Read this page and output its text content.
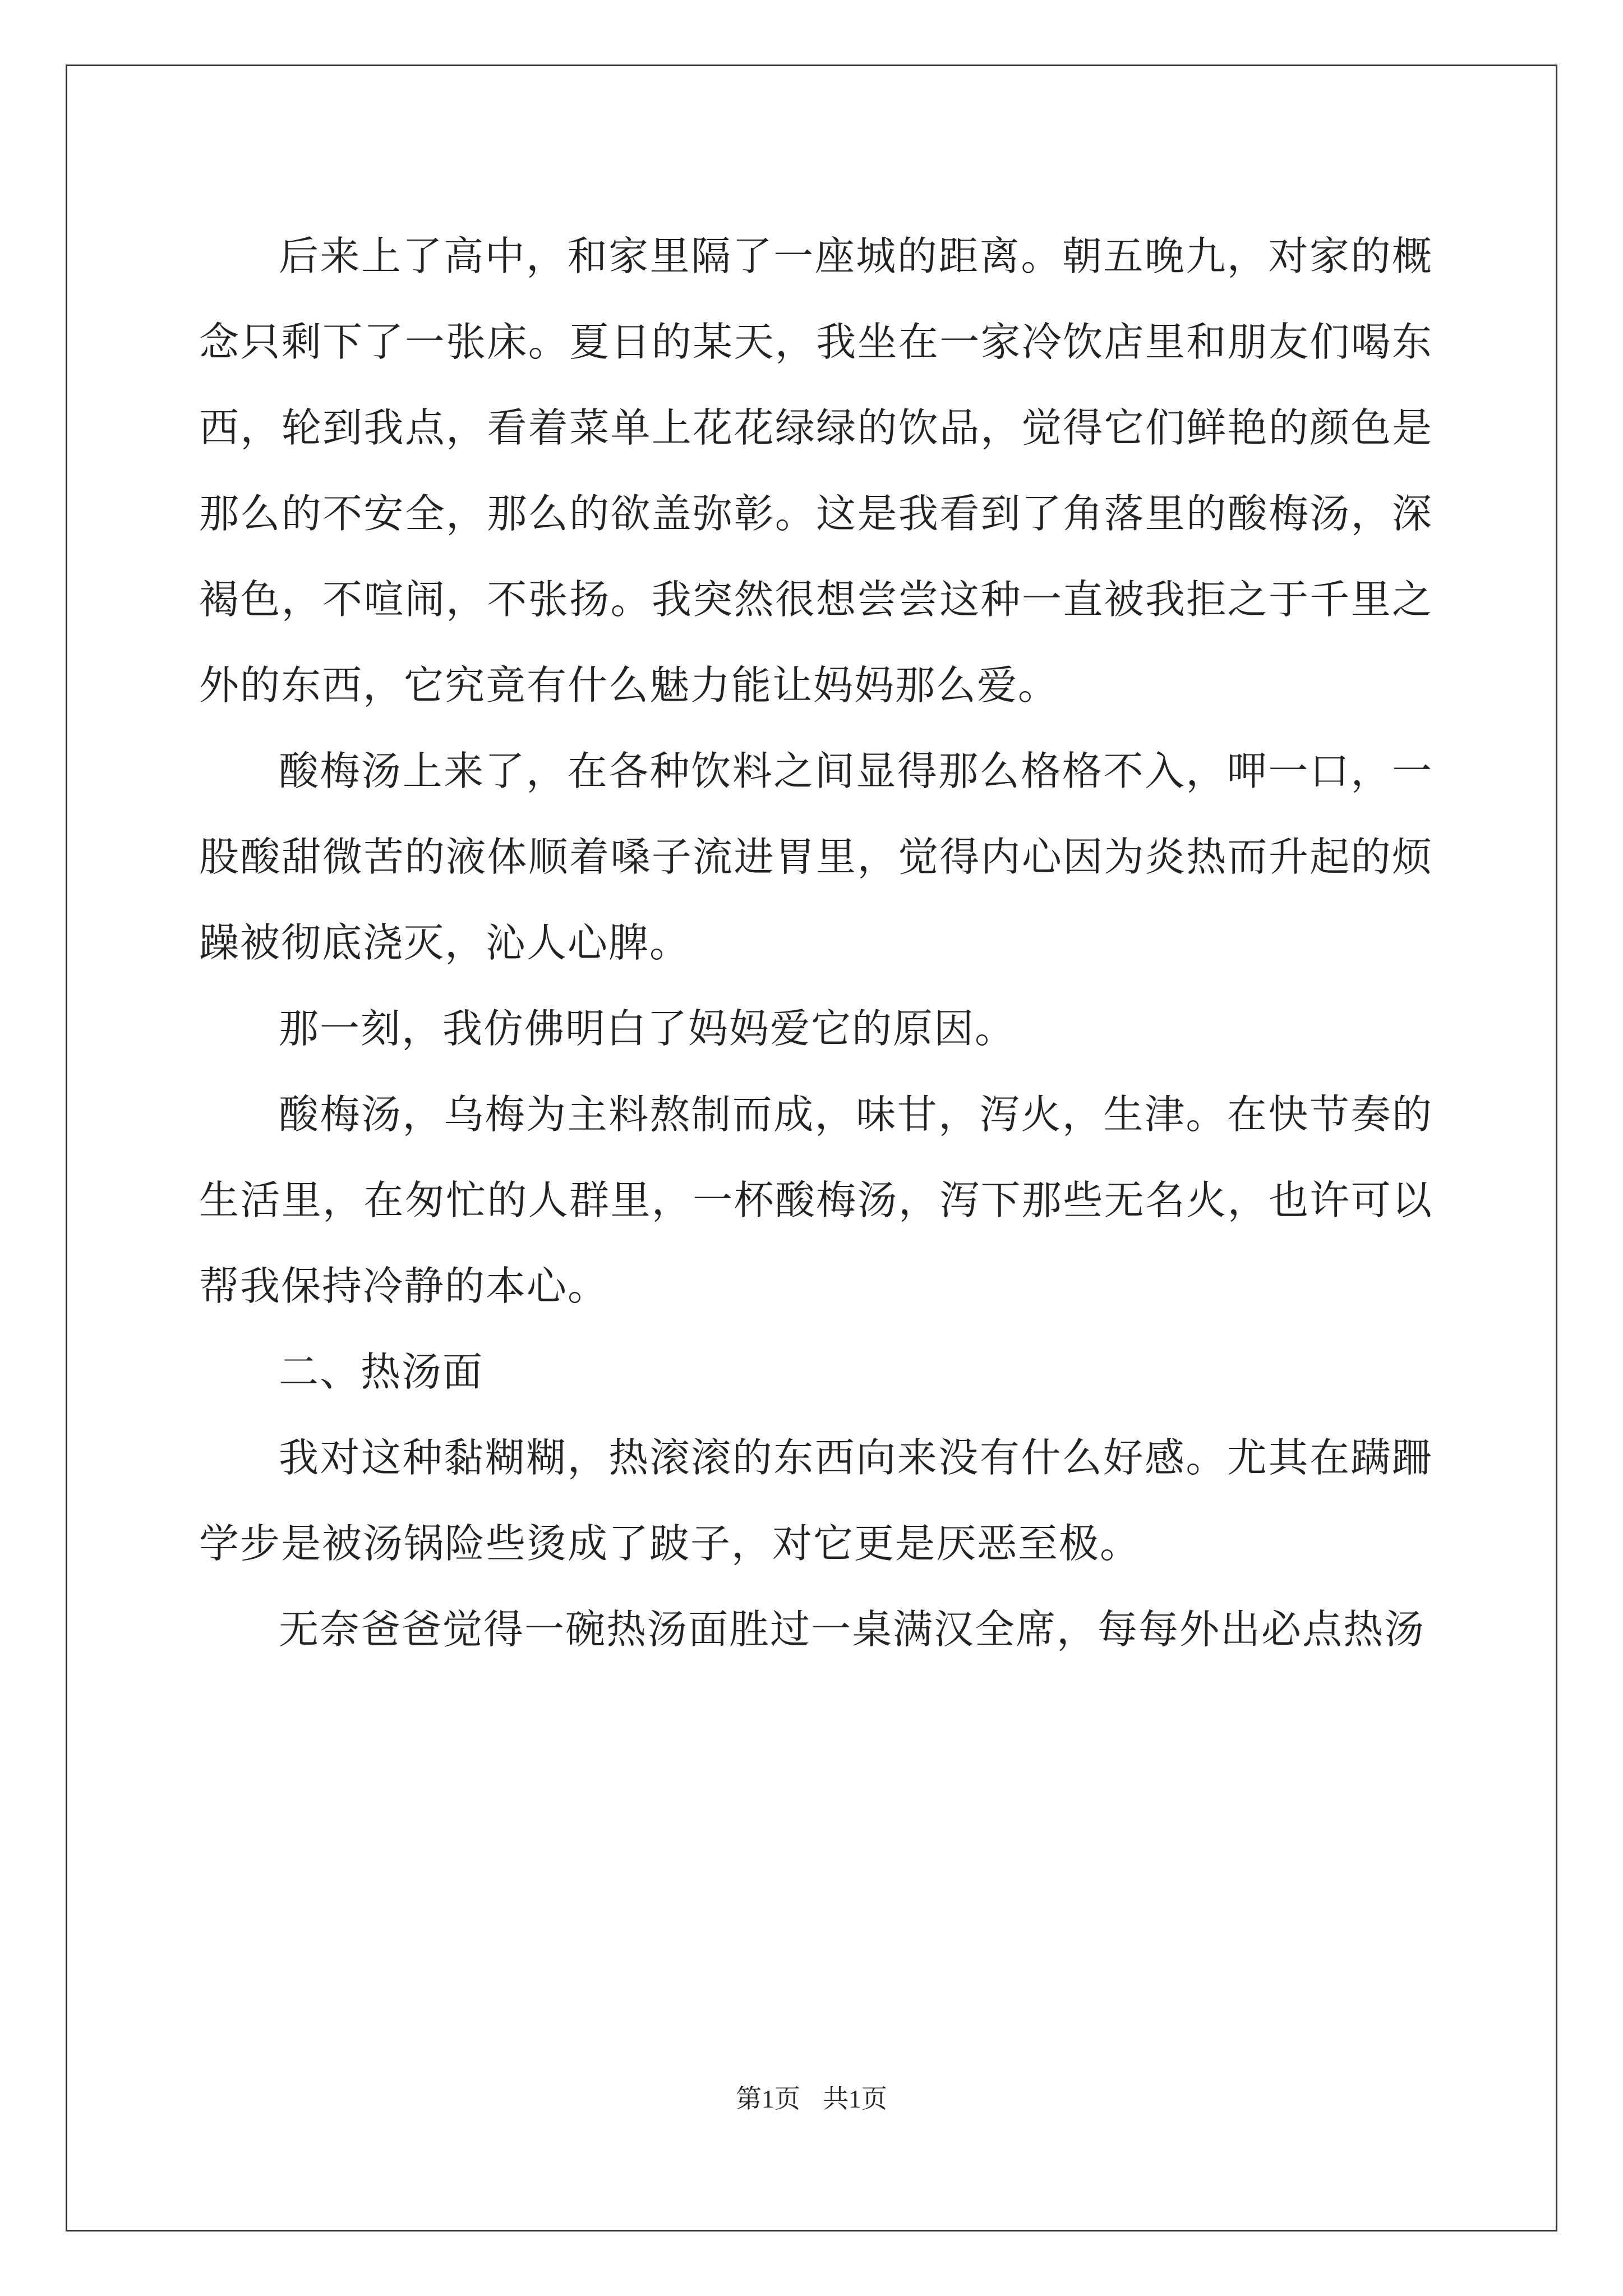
后来上了高中，和家里隔了一座城的距离。朝五晚九，对家的概念只剩下了一张床。夏日的某天，我坐在一家冷饮店里和朋友们喝东西，轮到我点，看着菜单上花花绿绿的饮品，觉得它们鲜艳的颜色是那么的不安全，那么的欲盖弥彰。这是我看到了角落里的酸梅汤，深褐色，不喧闹，不张扬。我突然很想尝尝这种一直被我拒之于千里之外的东西，它究竟有什么魅力能让妈妈那么爱。

酸梅汤上来了，在各种饮料之间显得那么格格不入，呷一口，一股酸甜微苦的液体顺着嗓子流进胃里，觉得内心因为炎热而升起的烦躁被彻底浇灭，沁人心脾。

那一刻，我仿佛明白了妈妈爱它的原因。

酸梅汤，乌梅为主料熬制而成，味甘，泻火，生津。在快节奏的生活里，在匆忙的人群里，一杯酸梅汤，泻下那些无名火，也许可以帮我保持冷静的本心。

二、热汤面

我对这种黏糊糊，热滚滚的东西向来没有什么好感。尤其在蹒跚学步是被汤锅险些烫成了跛子，对它更是厌恶至极。

无奈爸爸觉得一碗热汤面胜过一桌满汉全席，每每外出必点热汤

第1页 共1页
